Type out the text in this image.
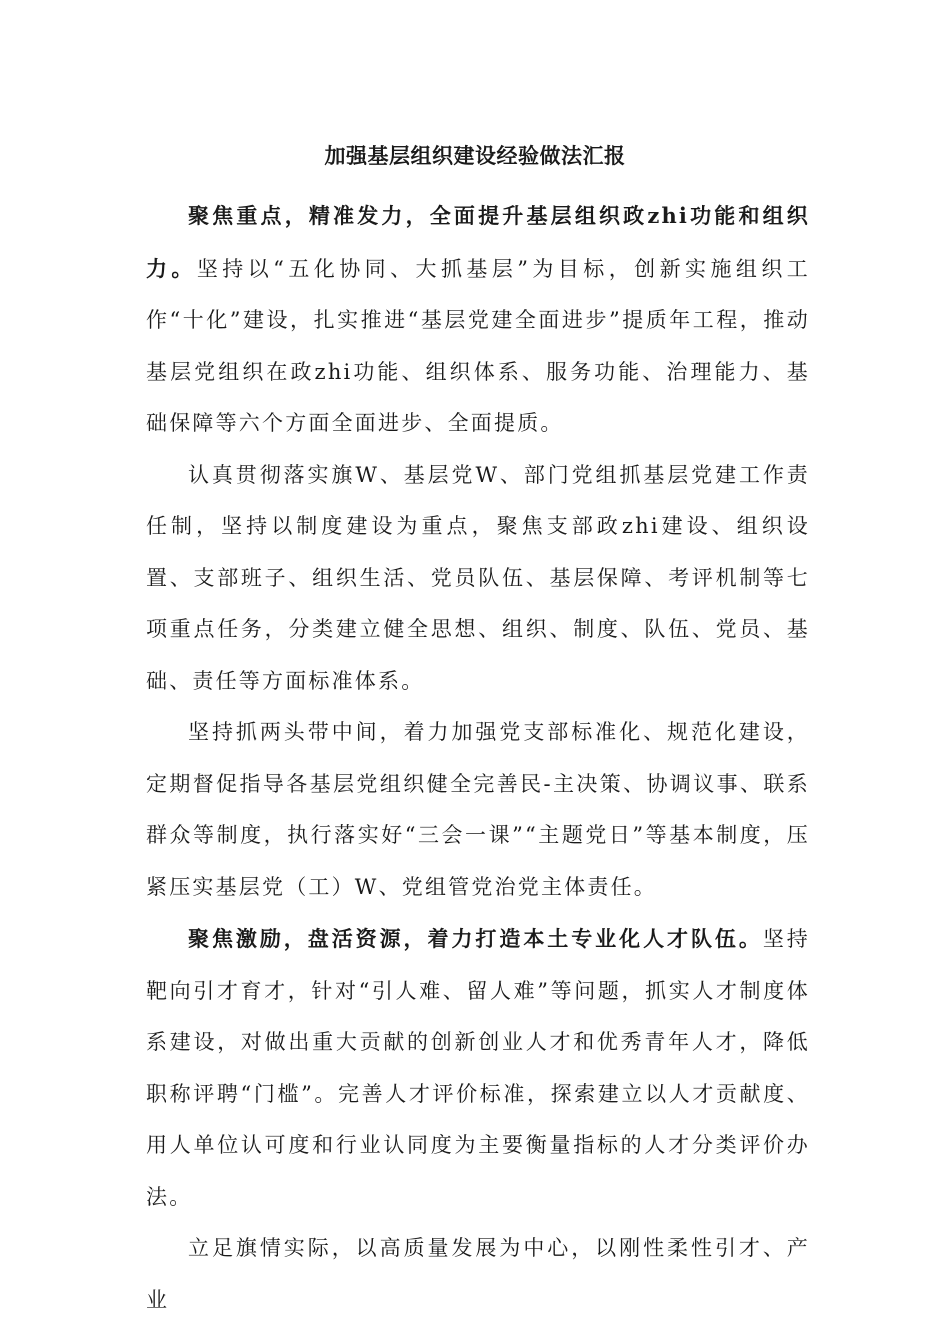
加强基层组织建设经验做法汇报

聚焦重点，精准发力，全面提升基层组织政zhi功能和组织力。坚持以“五化协同、大抓基层”为目标，创新实施组织工作“十化”建设，扎实推进“基层党建全面进步”提质年工程，推动基层党组织在政zhi功能、组织体系、服务功能、治理能力、基础保障等六个方面全面进步、全面提质。

认真贯彻落实旗W、基层党W、部门党组抓基层党建工作责任制，坚持以制度建设为重点，聚焦支部政zhi建设、组织设置、支部班子、组织生活、党员队伍、基层保障、考评机制等七项重点任务，分类建立健全思想、组织、制度、队伍、党员、基础、责任等方面标准体系。

坚持抓两头带中间，着力加强党支部标准化、规范化建设，定期督促指导各基层党组织健全完善民-主决策、协调议事、联系群众等制度，执行落实好“三会一课”“主题党日”等基本制度，压紧压实基层党（工）W、党组管党治党主体责任。

聚焦激励，盘活资源，着力打造本土专业化人才队伍。坚持靶向引才育才，针对“引人难、留人难”等问题，抓实人才制度体系建设，对做出重大贡献的创新创业人才和优秀青年人才，降低职称评聘“门槛”。完善人才评价标准，探索建立以人才贡献度、用人单位认可度和行业认同度为主要衡量指标的人才分类评价办法。

立足旗情实际，以高质量发展为中心，以刚性柔性引才、产业
